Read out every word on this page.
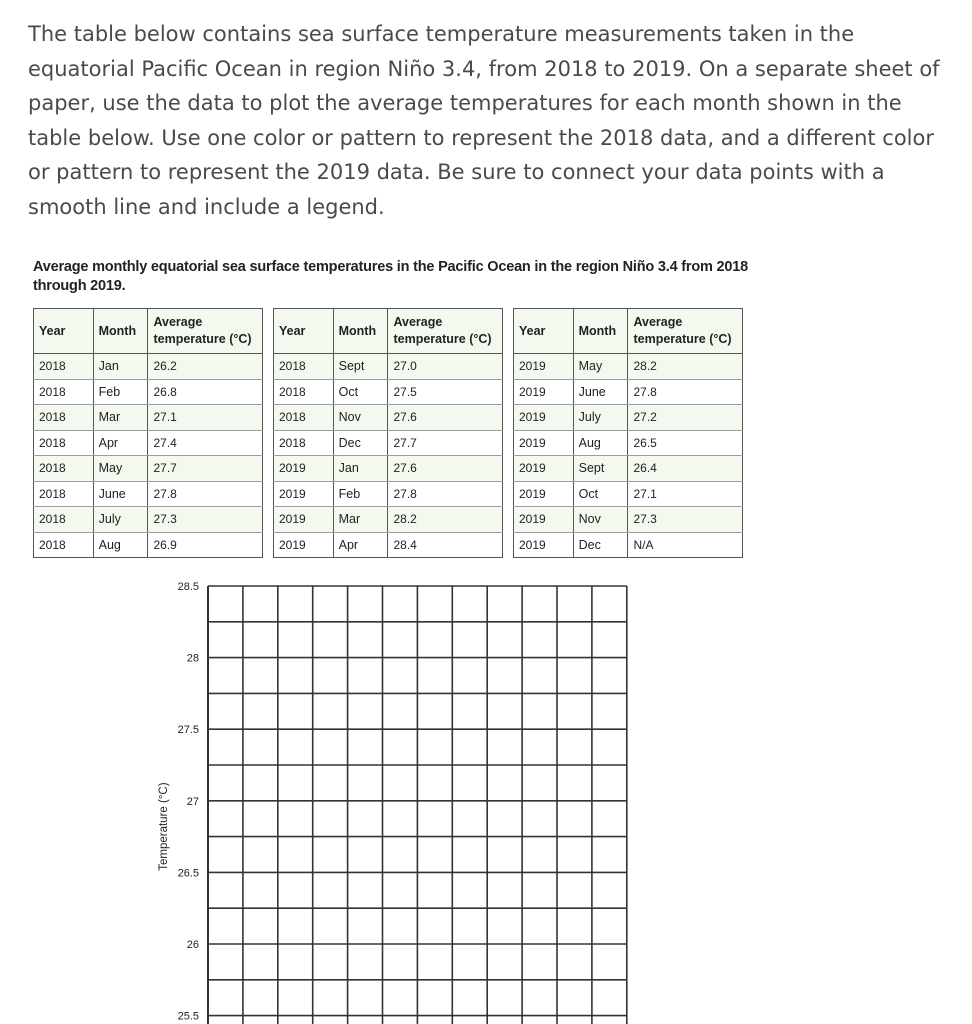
The table below contains sea surface temperature measurements taken in the equatorial Pacific Ocean in region Niño 3.4, from 2018 to 2019. On a separate sheet of paper, use the data to plot the average temperatures for each month shown in the table below. Use one color or pattern to represent the 2018 data, and a different color or pattern to represent the 2019 data. Be sure to connect your data points with a smooth line and include a legend.
Average monthly equatorial sea surface temperatures in the Pacific Ocean in the region Niño 3.4 from 2018 through 2019.
Year	Month	Average
temperature (°C)
2018	Jan	26.2
2018	Feb	26.8
2018	Mar	27.1
2018	Apr	27.4
2018	May	27.7
2018	June	27.8
2018	July	27.3
2018	Aug	26.9
Year	Month	Average
temperature (°C)
2018	Sept	27.0
2018	Oct	27.5
2018	Nov	27.6
2018	Dec	27.7
2019	Jan	27.6
2019	Feb	27.8
2019	Mar	28.2
2019	Apr	28.4
Year	Month	Average
temperature (°C)
2019	May	28.2
2019	June	27.8
2019	July	27.2
2019	Aug	26.5
2019	Sept	26.4
2019	Oct	27.1
2019	Nov	27.3
2019	Dec	N/A
25.5
26
26.5
27
27.5
28
28.5
Temperature (°C)
